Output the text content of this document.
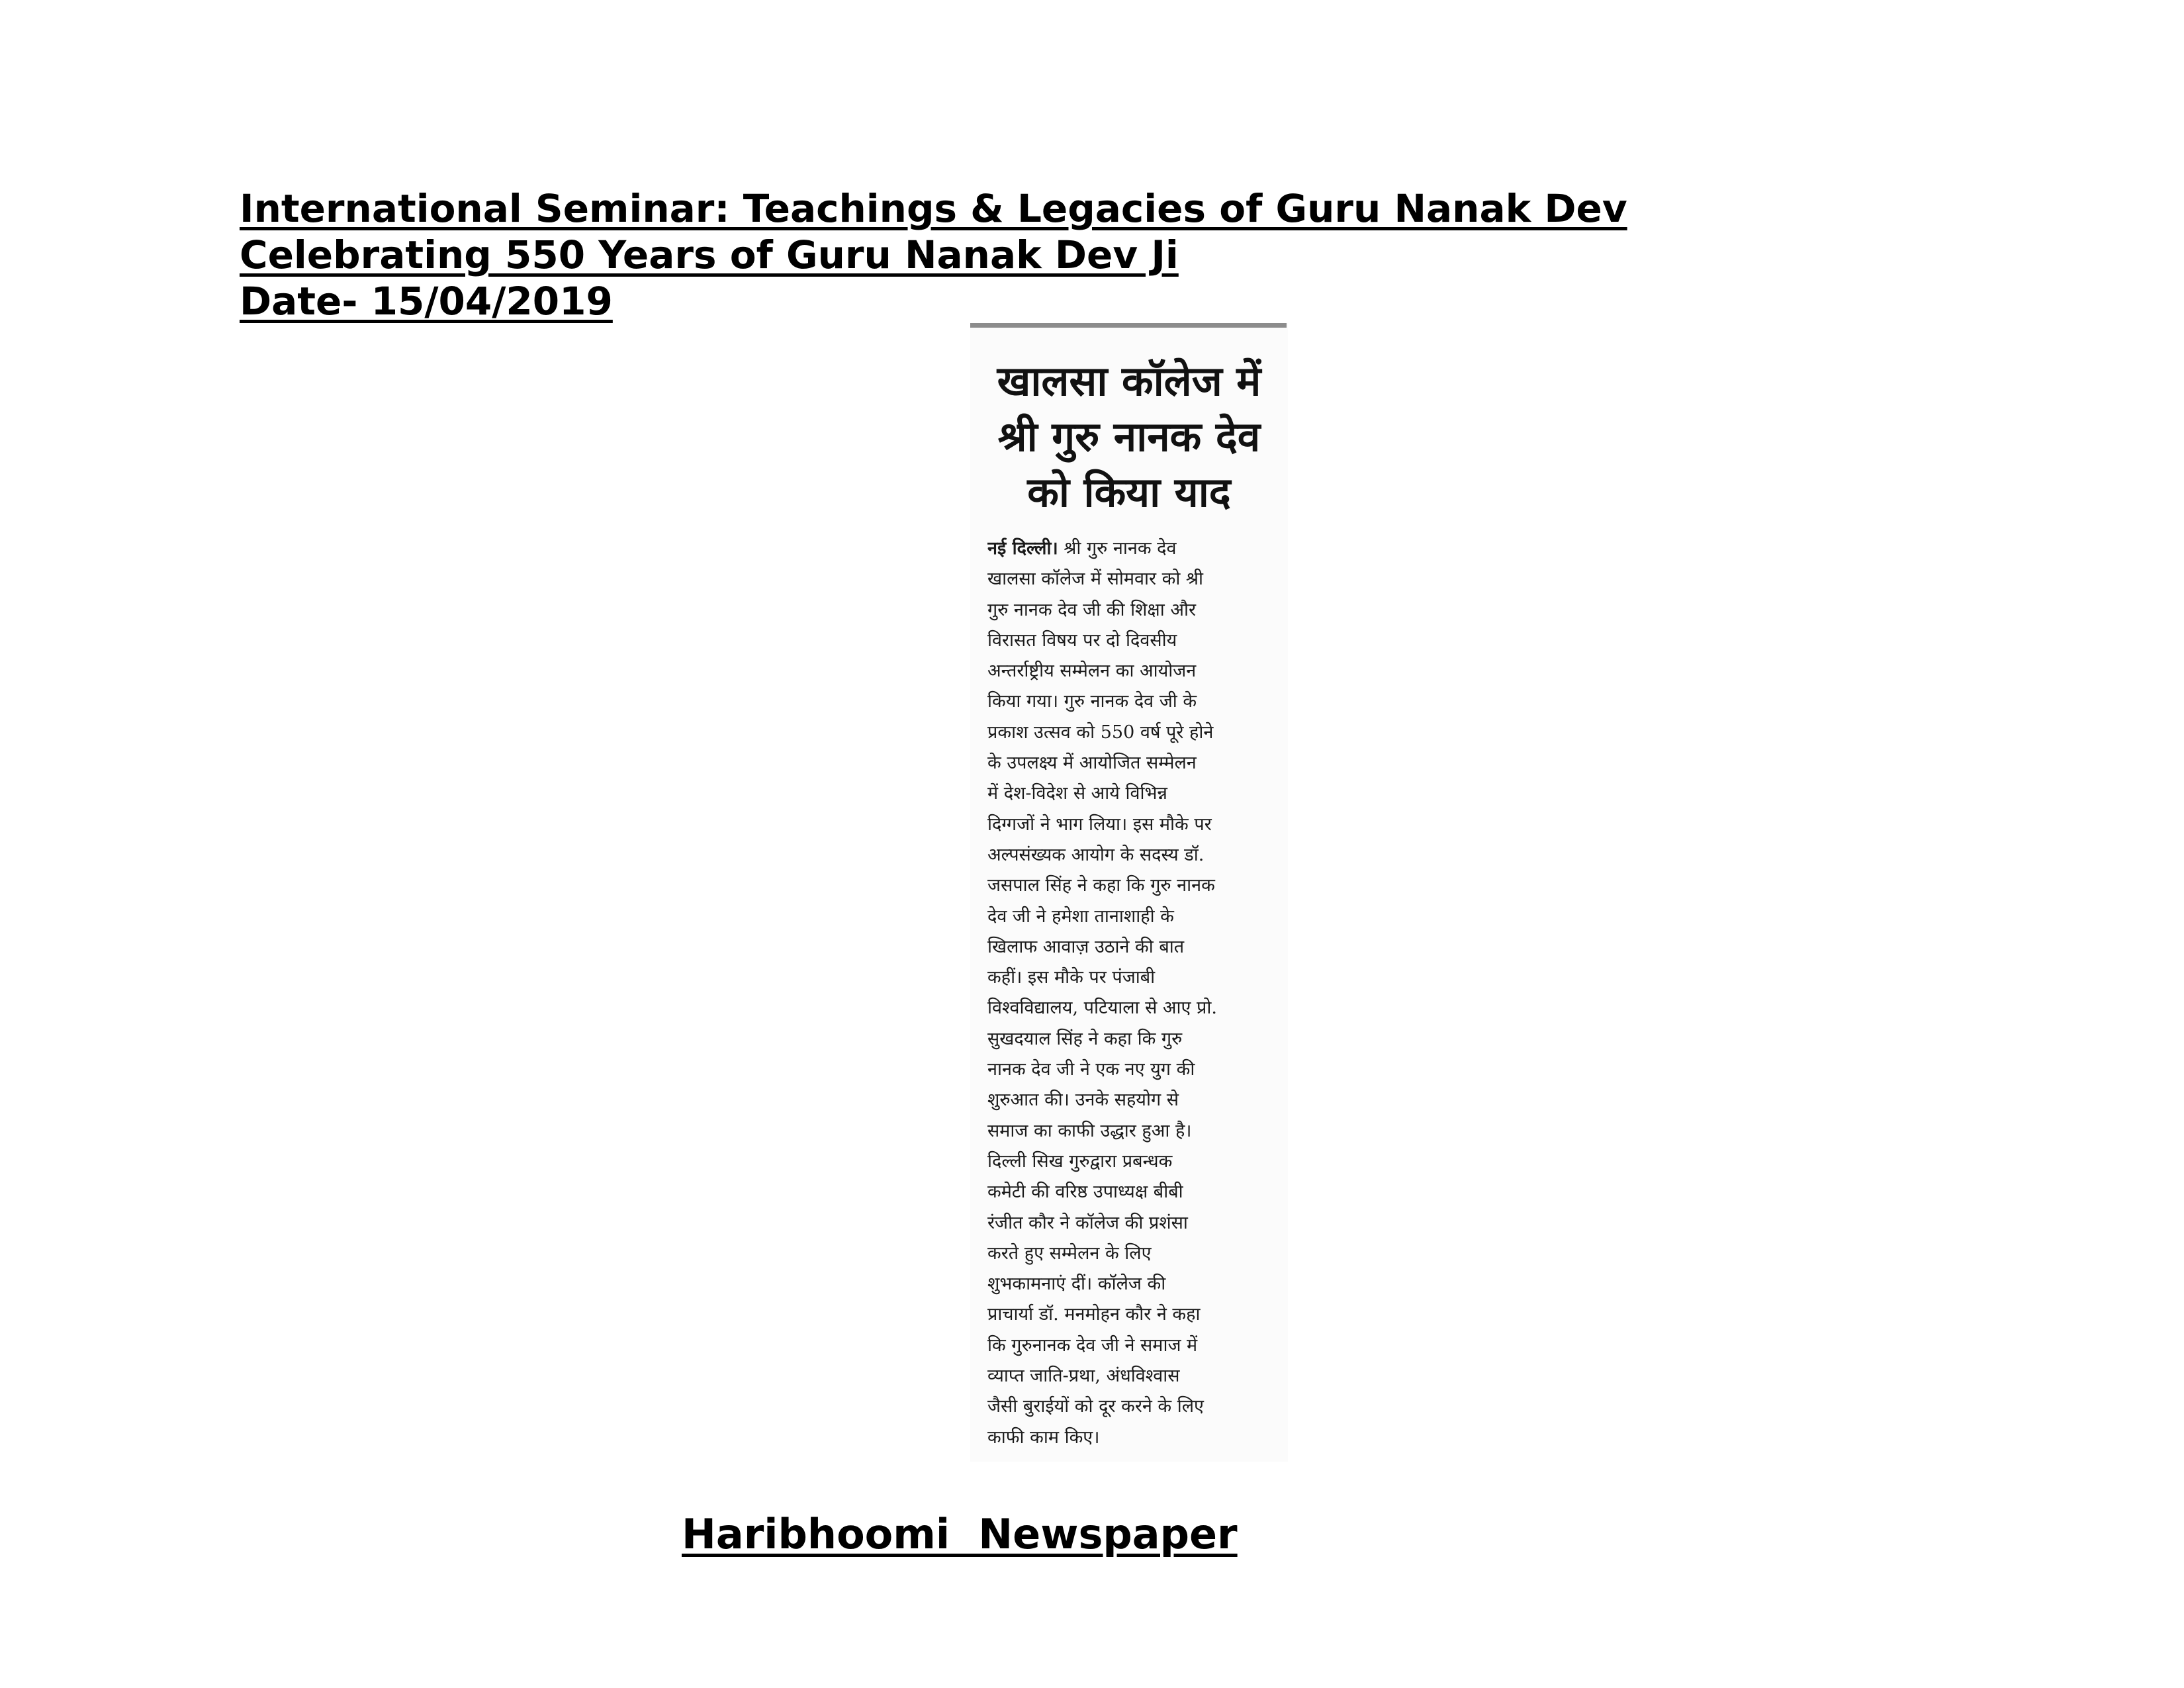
International Seminar: Teachings & Legacies of Guru Nanak Dev
Celebrating 550 Years of Guru Nanak Dev Ji
Date- 15/04/2019
खालसा कॉलेज में
श्री गुरु नानक देव
को किया याद
नई दिल्ली। श्री गुरु नानक देव
खालसा कॉलेज में सोमवार को श्री
गुरु नानक देव जी की शिक्षा और
विरासत विषय पर दो दिवसीय
अन्तर्राष्ट्रीय सम्मेलन का आयोजन
किया गया। गुरु नानक देव जी के
प्रकाश उत्सव को 550 वर्ष पूरे होने
के उपलक्ष्य में आयोजित सम्मेलन
में देश-विदेश से आये विभिन्न
दिग्गजों ने भाग लिया। इस मौके पर
अल्पसंख्यक आयोग के सदस्य डॉ.
जसपाल सिंह ने कहा कि गुरु नानक
देव जी ने हमेशा तानाशाही के
खिलाफ आवाज़ उठाने की बात
कहीं। इस मौके पर पंजाबी
विश्वविद्यालय, पटियाला से आए प्रो.
सुखदयाल सिंह ने कहा कि गुरु
नानक देव जी ने एक नए युग की
शुरुआत की। उनके सहयोग से
समाज का काफी उद्धार हुआ है।
दिल्ली सिख गुरुद्वारा प्रबन्धक
कमेटी की वरिष्ठ उपाध्यक्ष बीबी
रंजीत कौर ने कॉलेज की प्रशंसा
करते हुए सम्मेलन के लिए
शुभकामनाएं दीं। कॉलेज की
प्राचार्या डॉ. मनमोहन कौर ने कहा
कि गुरुनानक देव जी ने समाज में
व्याप्त जाति-प्रथा, अंधविश्वास
जैसी बुराईयों को दूर करने के लिए
काफी काम किए।
Haribhoomi  Newspaper
